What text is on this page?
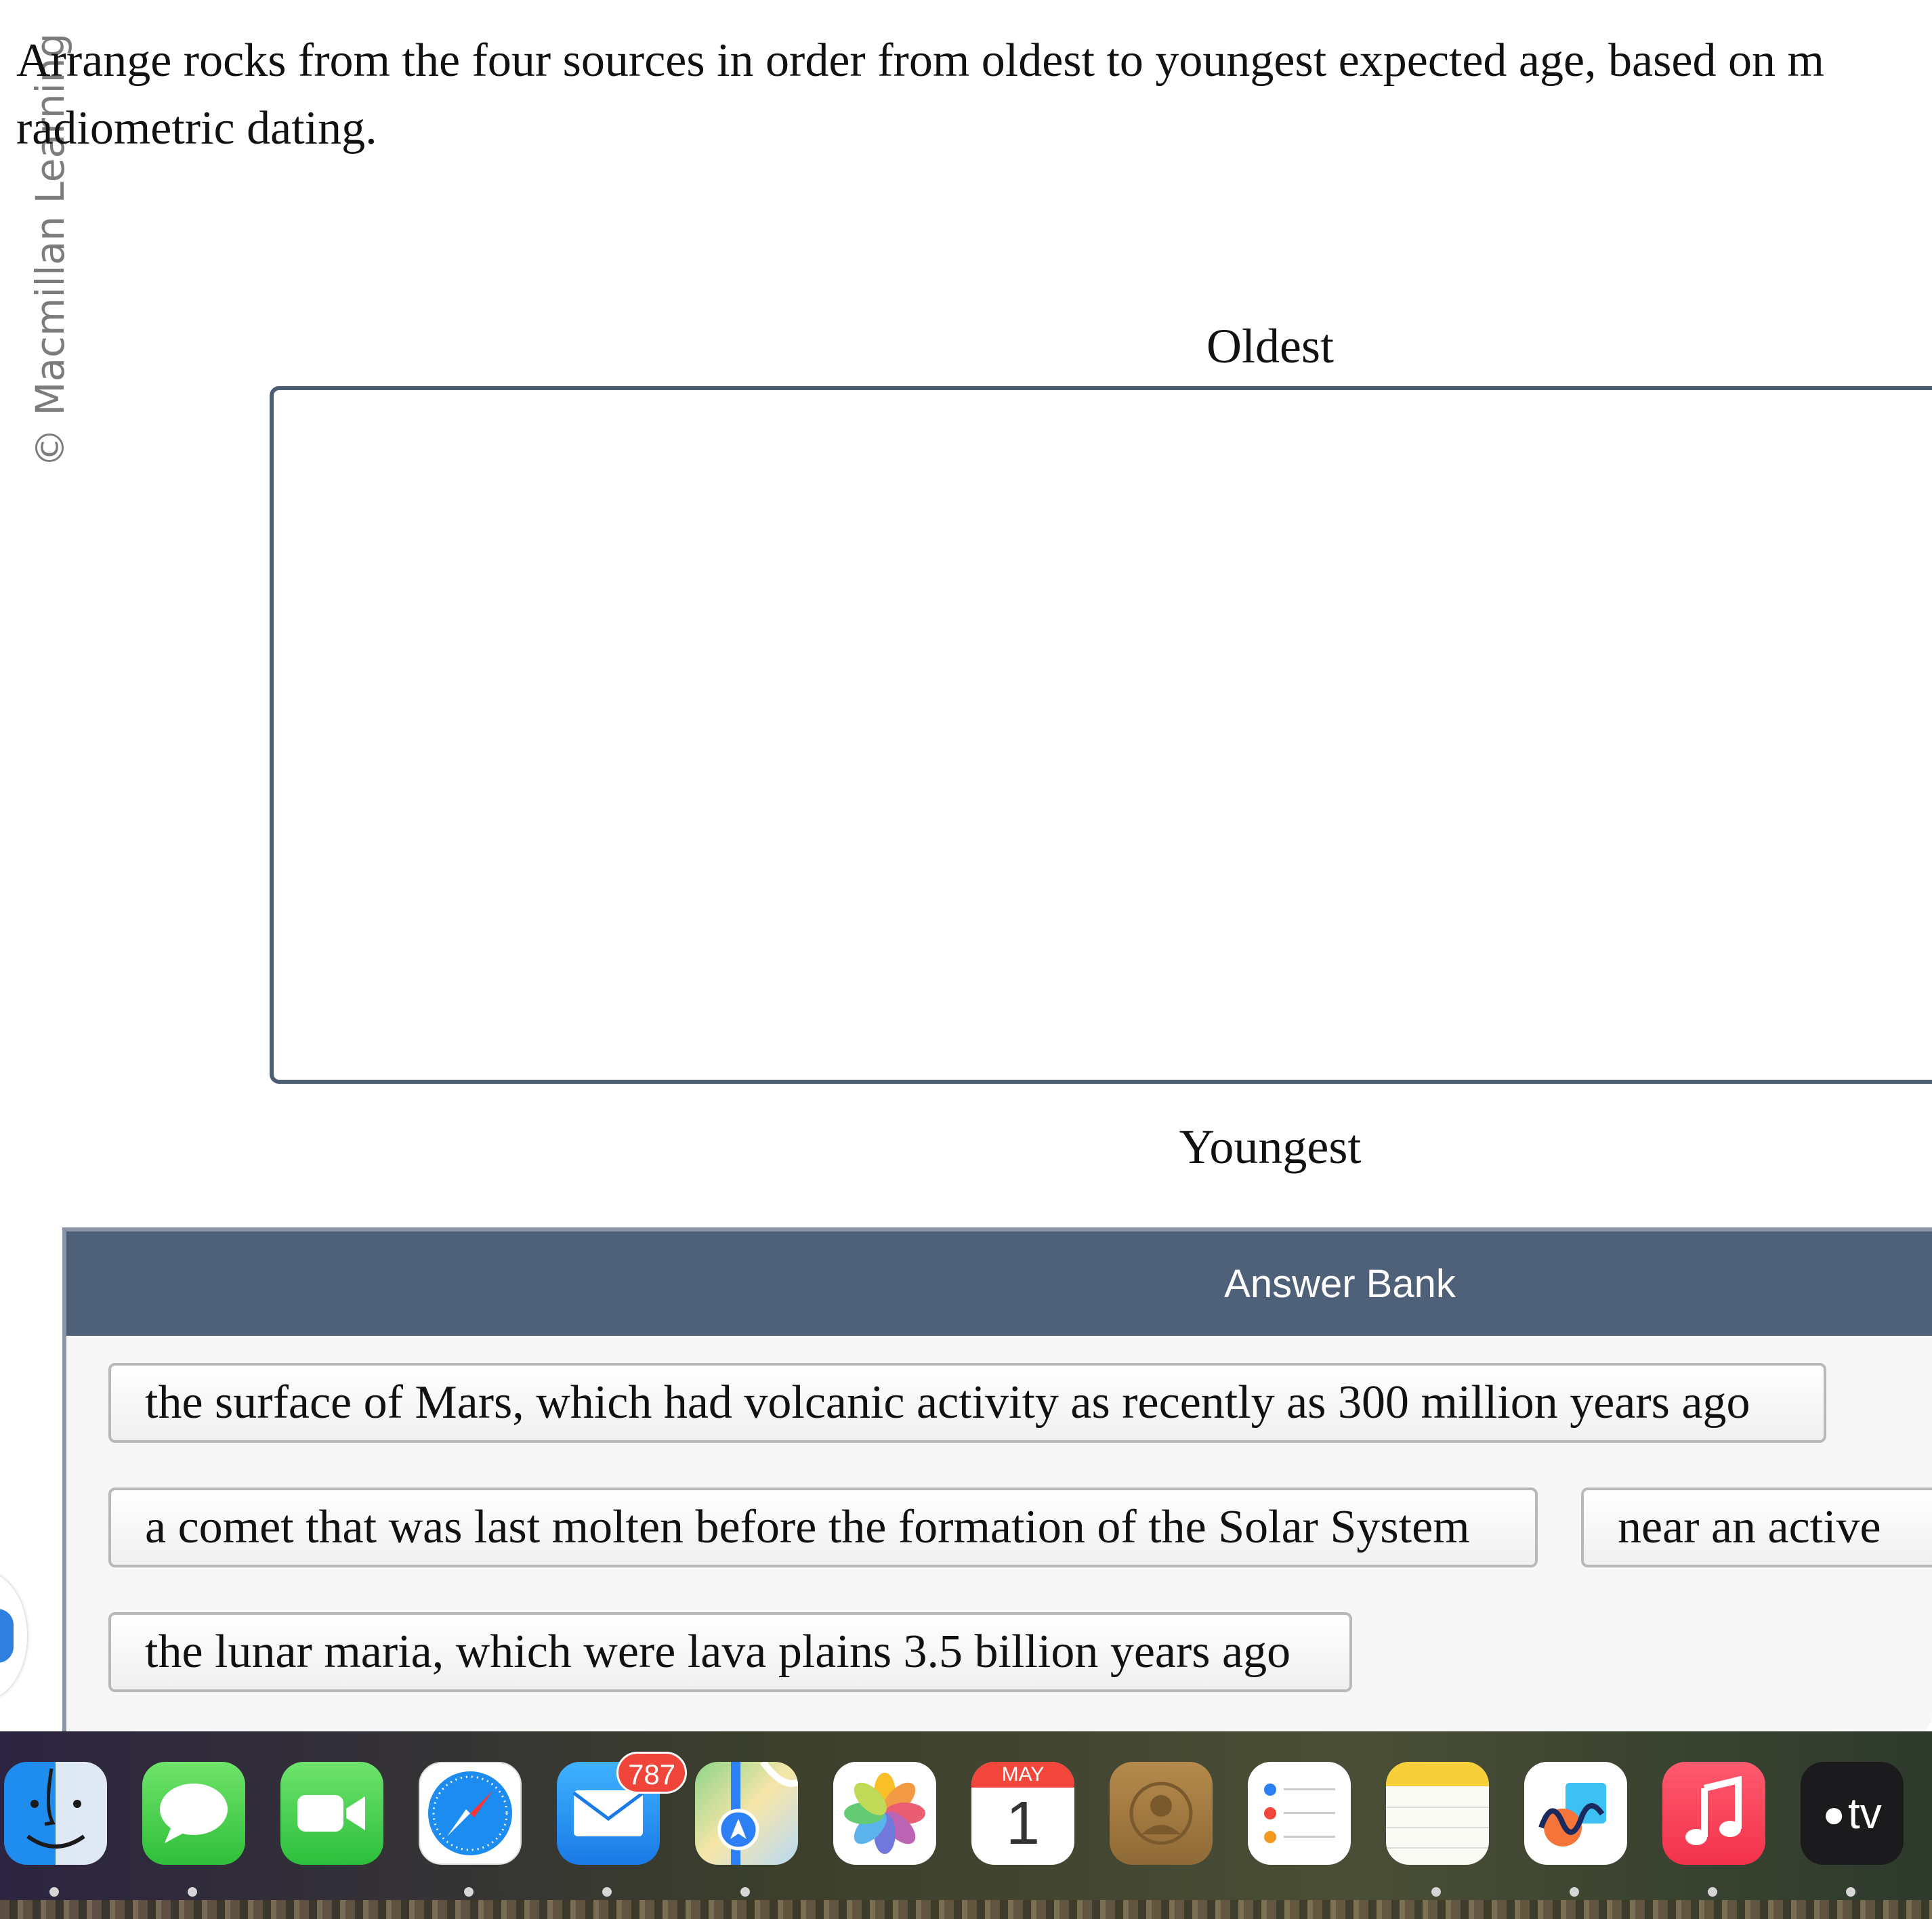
© Macmillan Learning
Arrange rocks from the four sources in order from oldest to youngest expected age, based on m
radiometric dating.
Oldest
Youngest
Answer Bank
the surface of Mars, which had volcanic activity as recently as 300 million years ago
a comet that was last molten before the formation of the Solar System	near an active
the lunar maria, which were lava plains 3.5 billion years ago
787	MAY
1	● tv
